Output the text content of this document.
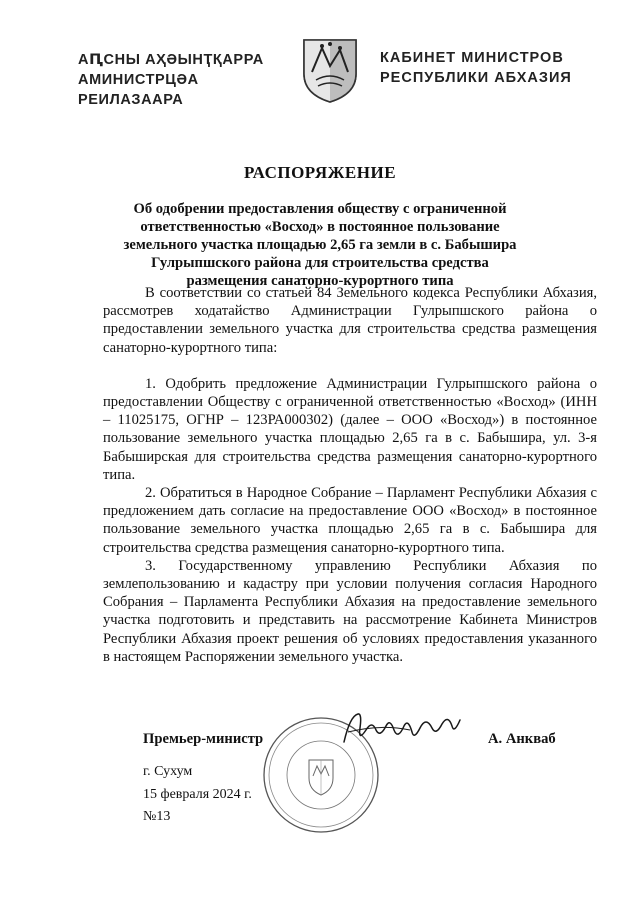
АԤСНЫ АҲӘЫНҬҚАРРА
АМИНИСТРЦӘА РЕИЛАЗААРА
КАБИНЕТ МИНИСТРОВ
РЕСПУБЛИКИ АБХАЗИЯ
РАСПОРЯЖЕНИЕ
Об одобрении предоставления обществу с ограниченной ответственностью «Восход» в постоянное пользование земельного участка площадью 2,65 га земли в с. Бабышира Гулрыпшского района для строительства средства размещения санаторно-курортного типа

В соответствии со статьей 84 Земельного кодекса Республики Абхазия, рассмотрев ходатайство Администрации Гулрыпшского района о предоставлении земельного участка для строительства средства размещения санаторно-курортного типа:

1. Одобрить предложение Администрации Гулрыпшского района о предоставлении Обществу с ограниченной ответственностью «Восход» (ИНН – 11025175, ОГНР – 123РА000302) (далее – ООО «Восход») в постоянное пользование земельного участка площадью 2,65 га в с. Бабышира, ул. 3-я Бабыширская для строительства средства размещения санаторно-курортного типа.

2. Обратиться в Народное Собрание – Парламент Республики Абхазия с предложением дать согласие на предоставление ООО «Восход» в постоянное пользование земельного участка площадью 2,65 га в с. Бабышира для строительства средства размещения санаторно-курортного типа.

3. Государственному управлению Республики Абхазия по землепользованию и кадастру при условии получения согласия Народного Собрания – Парламента Республики Абхазия на предоставление земельного участка подготовить и представить на рассмотрение Кабинета Министров Республики Абхазия проект решения об условиях предоставления указанного в настоящем Распоряжении земельного участка.

Премьер-министр	А. Анкваб
г. Сухум
15 февраля 2024 г.
№13
